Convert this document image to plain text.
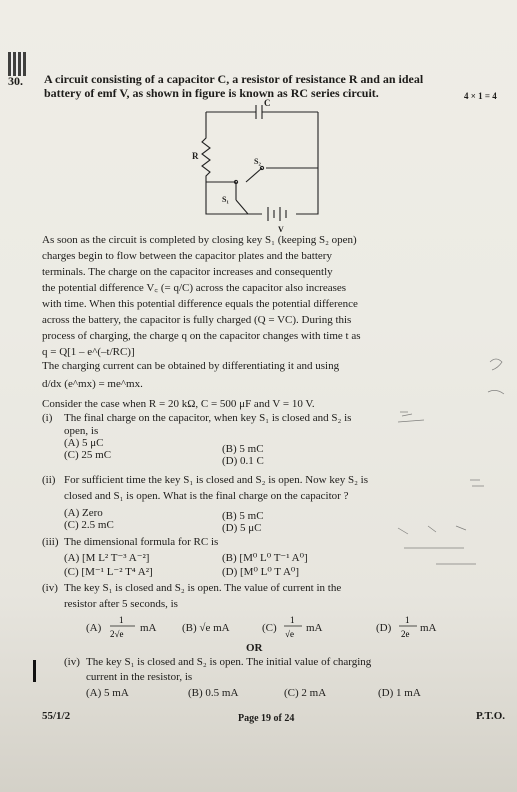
30. A circuit consisting of a capacitor C, a resistor of resistance R and an ideal
battery of emf V, as shown in figure is known as RC series circuit.	4 × 1 = 4
C
R
S₂
S₁
V
As soon as the circuit is completed by closing key S₁ (keeping S₂ open)
charges begin to flow between the capacitor plates and the battery
terminals. The charge on the capacitor increases and consequently
the potential difference V꜀ (= q/C) across the capacitor also increases
with time. When this potential difference equals the potential difference
across the battery, the capacitor is fully charged (Q = VC). During this
process of charging, the charge q on the capacitor changes with time t as
q = Q[1 – e^(–t/RC)]
The charging current can be obtained by differentiating it and using
d/dx (e^mx) = me^mx.
Consider the case when R = 20 kΩ, C = 500 μF and V = 10 V.
(i) The final charge on the capacitor, when key S₁ is closed and S₂ is
open, is
(A) 5 μC	(B) 5 mC
(C) 25 mC	(D) 0.1 C
(ii) For sufficient time the key S₁ is closed and S₂ is open. Now key S₂ is
closed and S₁ is open. What is the final charge on the capacitor ?
(A) Zero	(B) 5 mC
(C) 2.5 mC	(D) 5 μC
(iii) The dimensional formula for RC is
(A) [M L² T⁻³ A⁻²]	(B) [M⁰ L⁰ T⁻¹ A⁰]
(C) [M⁻¹ L⁻² T⁴ A²]	(D) [M⁰ L⁰ T A⁰]
(iv) The key S₁ is closed and S₂ is open. The value of current in the
resistor after 5 seconds, is
(A)
1
2√e mA (B) √e mA	(C)
1
√e mA	(D)
1
2e mA
OR
(iv) The key S₁ is closed and S₂ is open. The initial value of charging
current in the resistor, is
(A) 5 mA	(B) 0.5 mA	(C) 2 mA	(D) 1 mA
55/1/2	Page 19 of 24	P.T.O.
